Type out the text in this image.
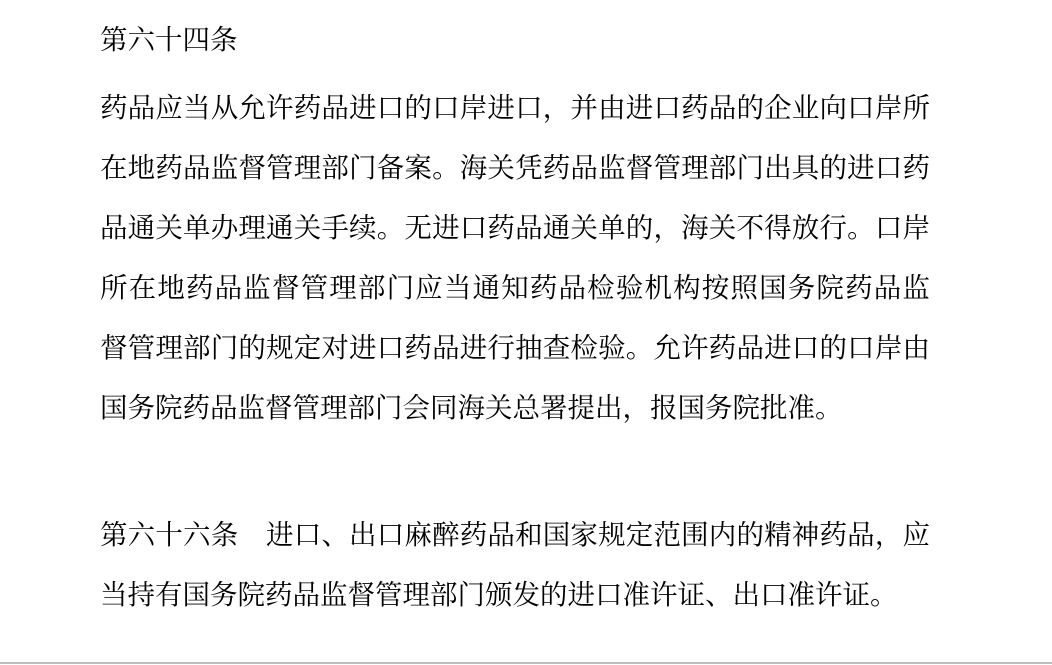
第六十四条
药 品 应 当 从 允 许 药 品 进 口 的 口 岸 进 口 ， 并 由 进 口 药 品 的 企 业 向 口 岸 所
在 地 药 品 监 督 管 理 部 门 备 案 。 海 关 凭 药 品 监 督 管 理 部 门 出 具 的 进 口 药
品 通 关 单 办 理 通 关 手 续 。 无 进 口 药 品 通 关 单 的 ， 海 关 不 得 放 行 。 口 岸
所 在 地 药 品 监 督 管 理 部 门 应 当 通 知 药 品 检 验 机 构 按 照 国 务 院 药 品 监
督 管 理 部 门 的 规 定 对 进 口 药 品 进 行 抽 查 检 验 。 允 许 药 品 进 口 的 口 岸 由
国务院药品监督管理部门会同海关总署提出，报国务院批准。
第 六 十 六 条
　 进 口 、 出 口 麻 醉 药 品 和 国 家 规 定 范 围 内 的 精 神 药 品 ， 应
当持有国务院药品监督管理部门颁发的进口准许证、出口准许证。
